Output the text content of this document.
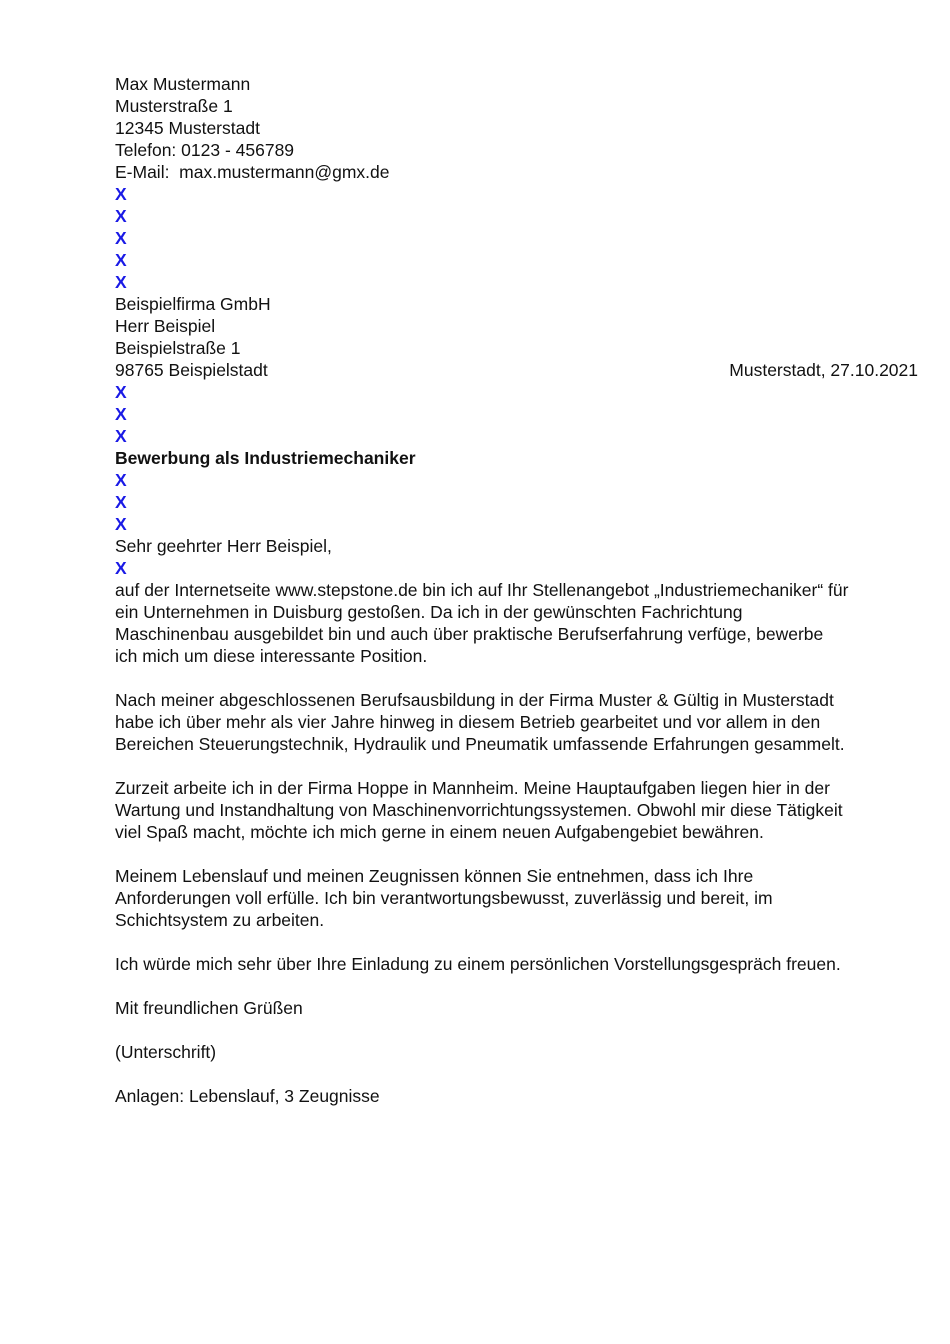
Max Mustermann
Musterstraße 1
12345 Musterstadt
Telefon: 0123 - 456789
E-Mail:  max.mustermann@gmx.de
X
X
X
X
X
Beispielfirma GmbH
Herr Beispiel
Beispielstraße 1
98765 Beispielstadt	Musterstadt, 27.10.2021
X
X
X
Bewerbung als Industriemechaniker
X
X
X
Sehr geehrter Herr Beispiel,
X
auf der Internetseite www.stepstone.de bin ich auf Ihr Stellenangebot „Industriemechaniker“ für
ein Unternehmen in Duisburg gestoßen. Da ich in der gewünschten Fachrichtung
Maschinenbau ausgebildet bin und auch über praktische Berufserfahrung verfüge, bewerbe
ich mich um diese interessante Position.
Nach meiner abgeschlossenen Berufsausbildung in der Firma Muster & Gültig in Musterstadt
habe ich über mehr als vier Jahre hinweg in diesem Betrieb gearbeitet und vor allem in den
Bereichen Steuerungstechnik, Hydraulik und Pneumatik umfassende Erfahrungen gesammelt.
Zurzeit arbeite ich in der Firma Hoppe in Mannheim. Meine Hauptaufgaben liegen hier in der
Wartung und Instandhaltung von Maschinenvorrichtungssystemen. Obwohl mir diese Tätigkeit
viel Spaß macht, möchte ich mich gerne in einem neuen Aufgabengebiet bewähren.
Meinem Lebenslauf und meinen Zeugnissen können Sie entnehmen, dass ich Ihre
Anforderungen voll erfülle. Ich bin verantwortungsbewusst, zuverlässig und bereit, im
Schichtsystem zu arbeiten.
Ich würde mich sehr über Ihre Einladung zu einem persönlichen Vorstellungsgespräch freuen.
Mit freundlichen Grüßen
(Unterschrift)
Anlagen: Lebenslauf, 3 Zeugnisse
